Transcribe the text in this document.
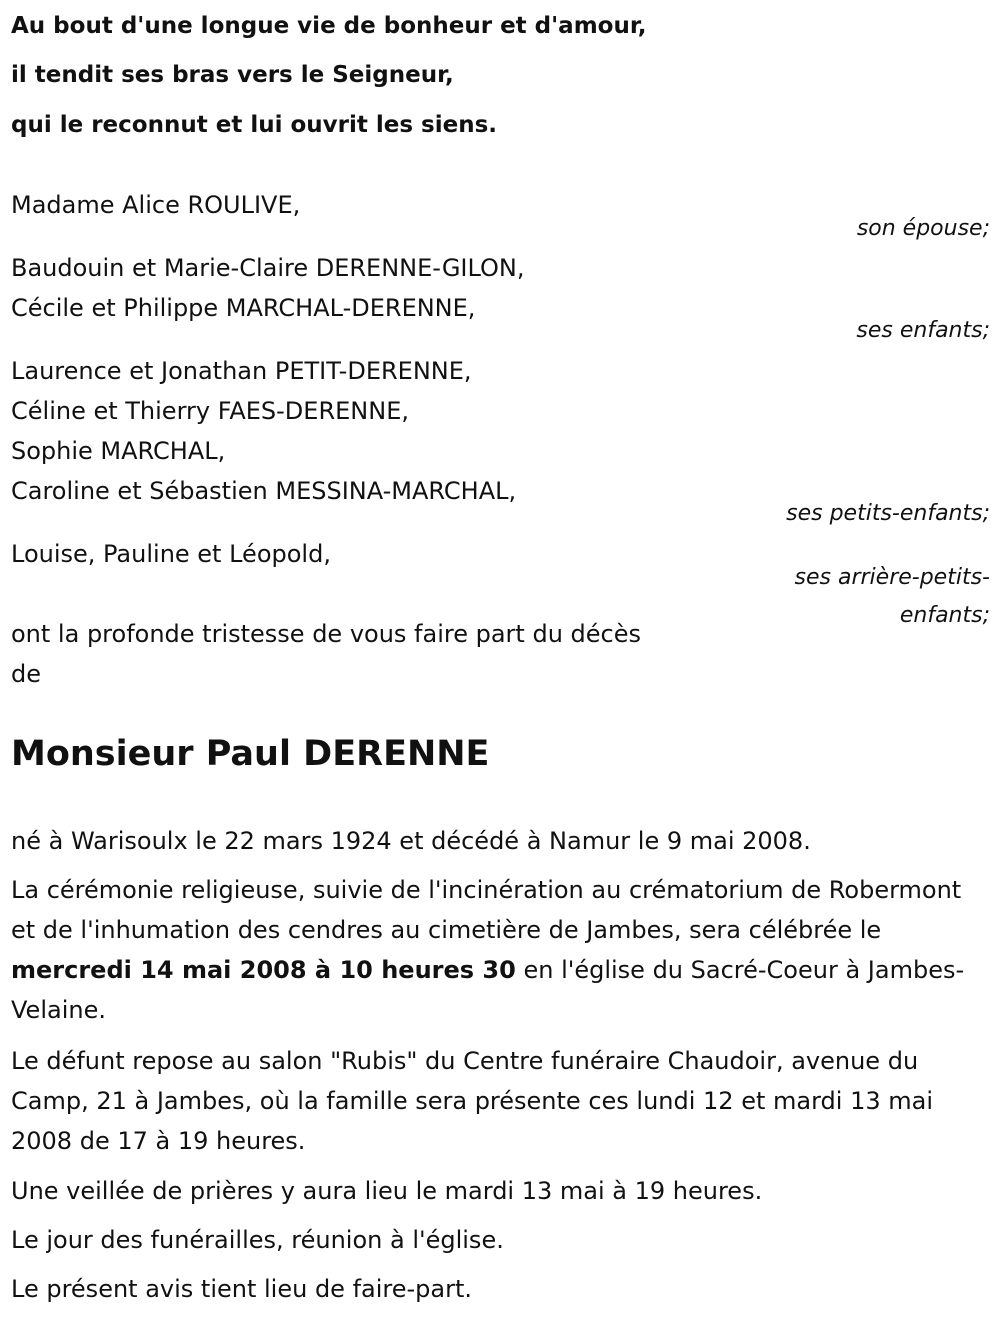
Au bout d'une longue vie de bonheur et d'amour,
il tendit ses bras vers le Seigneur,
qui le reconnut et lui ouvrit les siens.
Madame Alice ROULIVE,
son épouse;
Baudouin et Marie-Claire DERENNE-GILON,
Cécile et Philippe MARCHAL-DERENNE,
ses enfants;
Laurence et Jonathan PETIT-DERENNE,
Céline et Thierry FAES-DERENNE,
Sophie MARCHAL,
Caroline et Sébastien MESSINA-MARCHAL,
ses petits-enfants;
Louise, Pauline et Léopold,
ses arrière-petits-
enfants;
ont la profonde tristesse de vous faire part du décès
de
Monsieur Paul DERENNE
né à Warisoulx le 22 mars 1924 et décédé à Namur le 9 mai 2008.
La cérémonie religieuse, suivie de l'incinération au crématorium de Robermont et de l'inhumation des cendres au cimetière de Jambes, sera célébrée le mercredi 14 mai 2008 à 10 heures 30 en l'église du Sacré-Coeur à Jambes-Velaine.
Le défunt repose au salon "Rubis" du Centre funéraire Chaudoir, avenue du Camp, 21 à Jambes, où la famille sera présente ces lundi 12 et mardi 13 mai 2008 de 17 à 19 heures.
Une veillée de prières y aura lieu le mardi 13 mai à 19 heures.
Le jour des funérailles, réunion à l'église.
Le présent avis tient lieu de faire-part.
